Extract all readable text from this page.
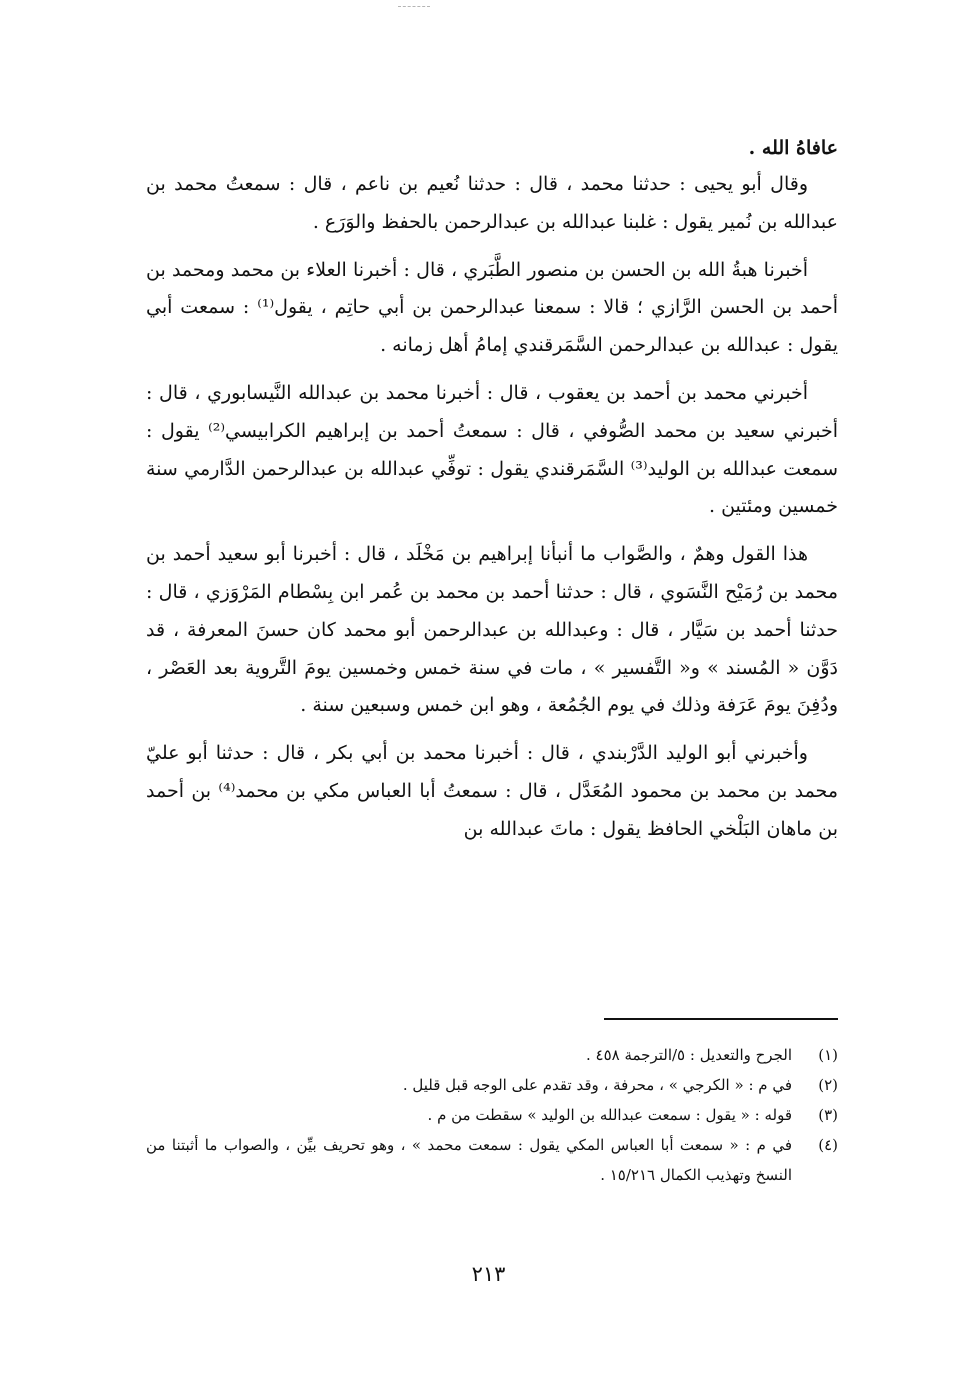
عافاهُ الله .

وقال أبو يحيى : حدثنا محمد ، قال : حدثنا نُعيم بن ناعم ، قال : سمعتُ محمد بن عبدالله بن نُمير يقول : غلبنا عبدالله بن عبدالرحمن بالحفظ والوَرَع .

أخبرنا هبةُ الله بن الحسن بن منصور الطَّبَري ، قال : أخبرنا العلاء بن محمد ومحمد بن أحمد بن الحسن الرَّازي ؛ قالا : سمعنا عبدالرحمن بن أبي حاتِم ، يقول⁽¹⁾ : سمعت أبي يقول : عبدالله بن عبدالرحمن السَّمَرقندي إمامُ أهل زمانه .

أخبرني محمد بن أحمد بن يعقوب ، قال : أخبرنا محمد بن عبدالله النَّيسابوري ، قال : أخبرني سعيد بن محمد الصُّوفي ، قال : سمعتُ أحمد بن إبراهيم الكرابيسي⁽²⁾ يقول : سمعت عبدالله بن الوليد⁽³⁾ السَّمَرقندي يقول : توفِّي عبدالله بن عبدالرحمن الدَّارمي سنة خمسين ومئتين .

هذا القول وهمٌ ، والصَّواب ما أنبأنا إبراهيم بن مَخْلَد ، قال : أخبرنا أبو سعيد أحمد بن محمد بن رُمَيْح النَّسَوي ، قال : حدثنا أحمد بن محمد بن عُمر ابن بِسْطام المَرْوَزي ، قال : حدثنا أحمد بن سَيَّار ، قال : وعبدالله بن عبدالرحمن أبو محمد كان حسنَ المعرفة ، قد دَوَّن « المُسند » و« التَّفسير » ، مات في سنة خمس وخمسين يومَ التَّروية بعد العَصْر ، ودُفِنَ يومَ عَرَفة وذلك في يوم الجُمُعة ، وهو ابن خمس وسبعين سنة .

وأخبرني أبو الوليد الدَّرْبندي ، قال : أخبرنا محمد بن أبي بكر ، قال : حدثنا أبو عليّ محمد بن محمد بن محمود المُعَدَّل ، قال : سمعتُ أبا العباس مكي بن محمد⁽⁴⁾ بن أحمد بن ماهان البَلْخي الحافظ يقول : ماتَ عبدالله بن

(١)
الجرح والتعديل : ٥/الترجمة ٤٥٨ .
(٢)
في م : « الكرجي » ، محرفة ، وقد تقدم على الوجه قبل قليل .
(٣)
قوله : « يقول : سمعت عبدالله بن الوليد » سقطت من م .
(٤)
في م : « سمعت أبا العباس المكي يقول : سمعت محمد » ، وهو تحريف بيِّن ، والصواب ما أثبتنا من النسخ وتهذيب الكمال ١٥/٢١٦ .
٢١٣
